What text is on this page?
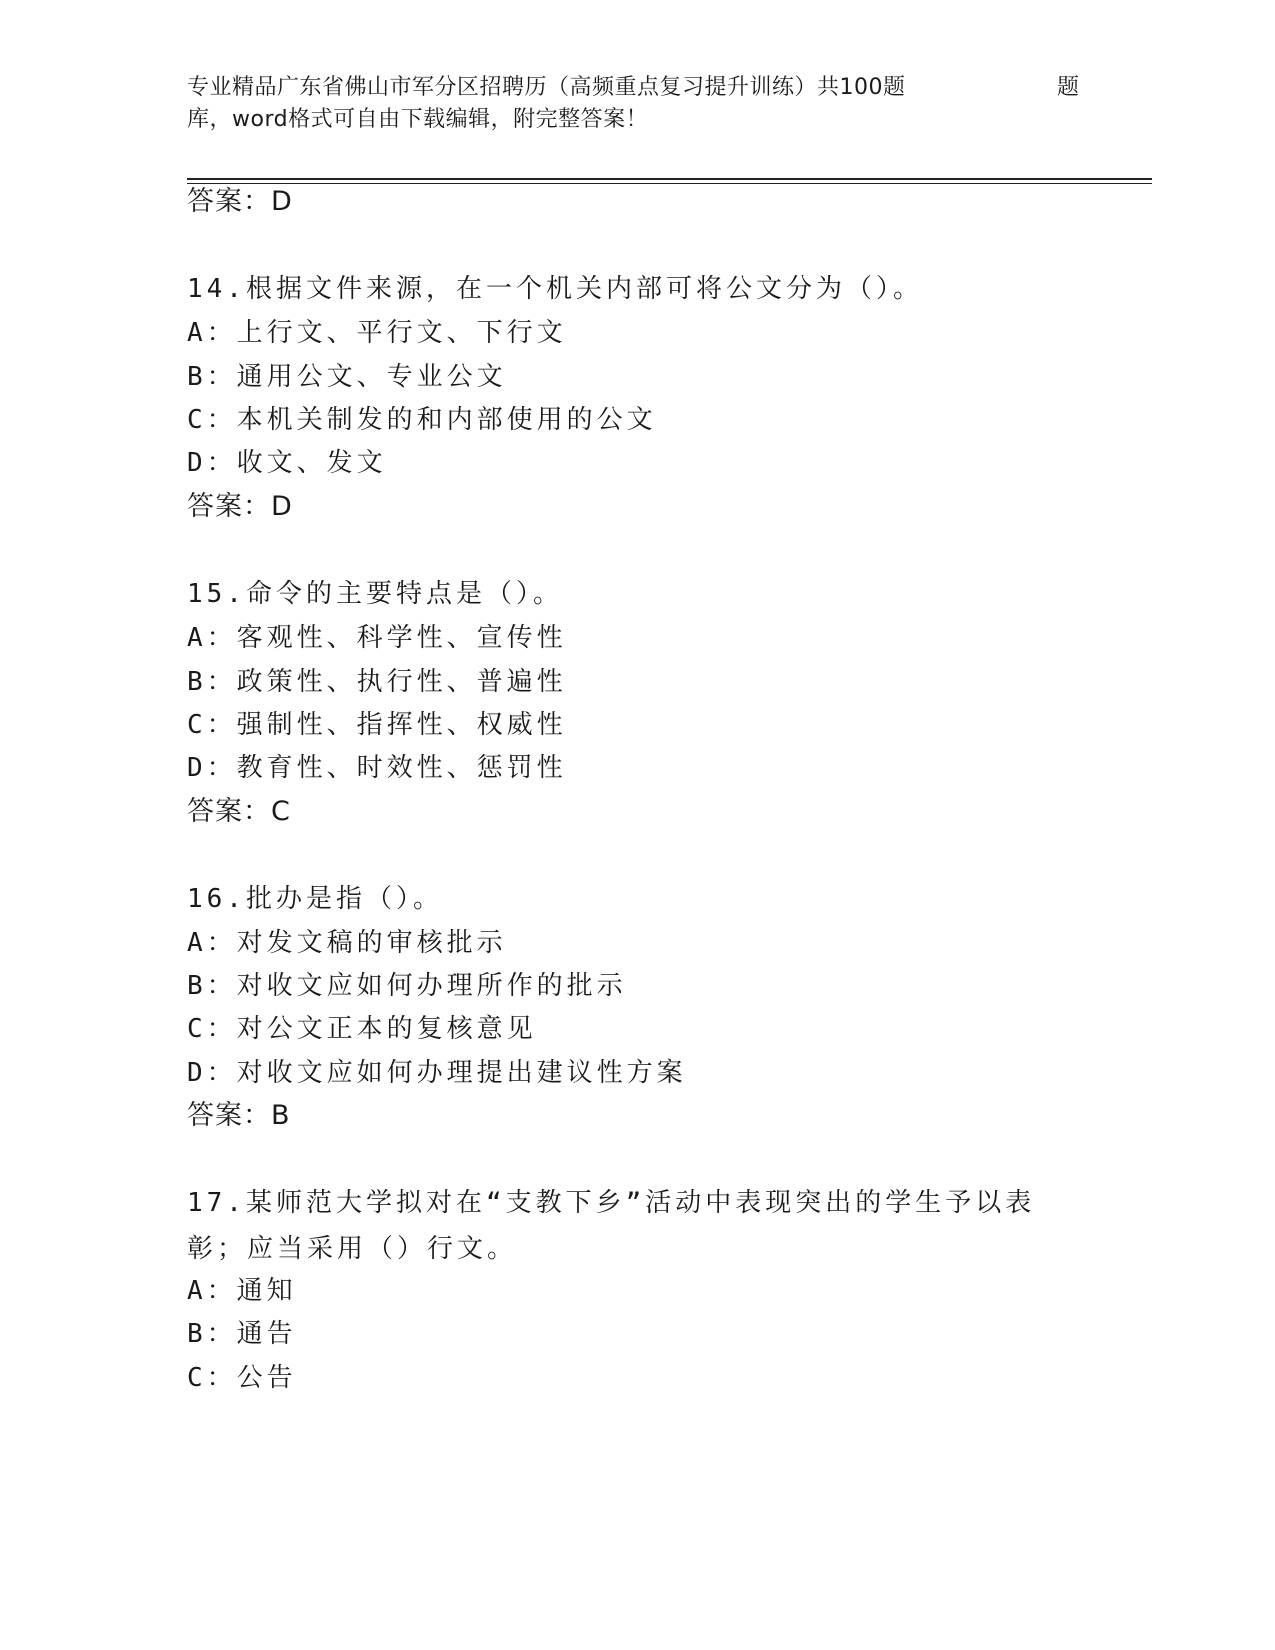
专业精品广东省佛山市军分区招聘历（高频重点复习提升训练）共100题	题
库，word格式可自由下载编辑，附完整答案！
答案：D
14.根据文件来源，在一个机关内部可将公文分为（）。
A：上行文、平行文、下行文
B：通用公文、专业公文
C：本机关制发的和内部使用的公文
D：收文、发文
答案：D
15.命令的主要特点是（）。
A：客观性、科学性、宣传性
B：政策性、执行性、普遍性
C：强制性、指挥性、权威性
D：教育性、时效性、惩罚性
答案：C
16.批办是指（）。
A：对发文稿的审核批示
B：对收文应如何办理所作的批示
C：对公文正本的复核意见
D：对收文应如何办理提出建议性方案
答案：B
17.某师范大学拟对在“支教下乡”活动中表现突出的学生予以表彰；应当采用（）行文。
A：通知
B：通告
C：公告
